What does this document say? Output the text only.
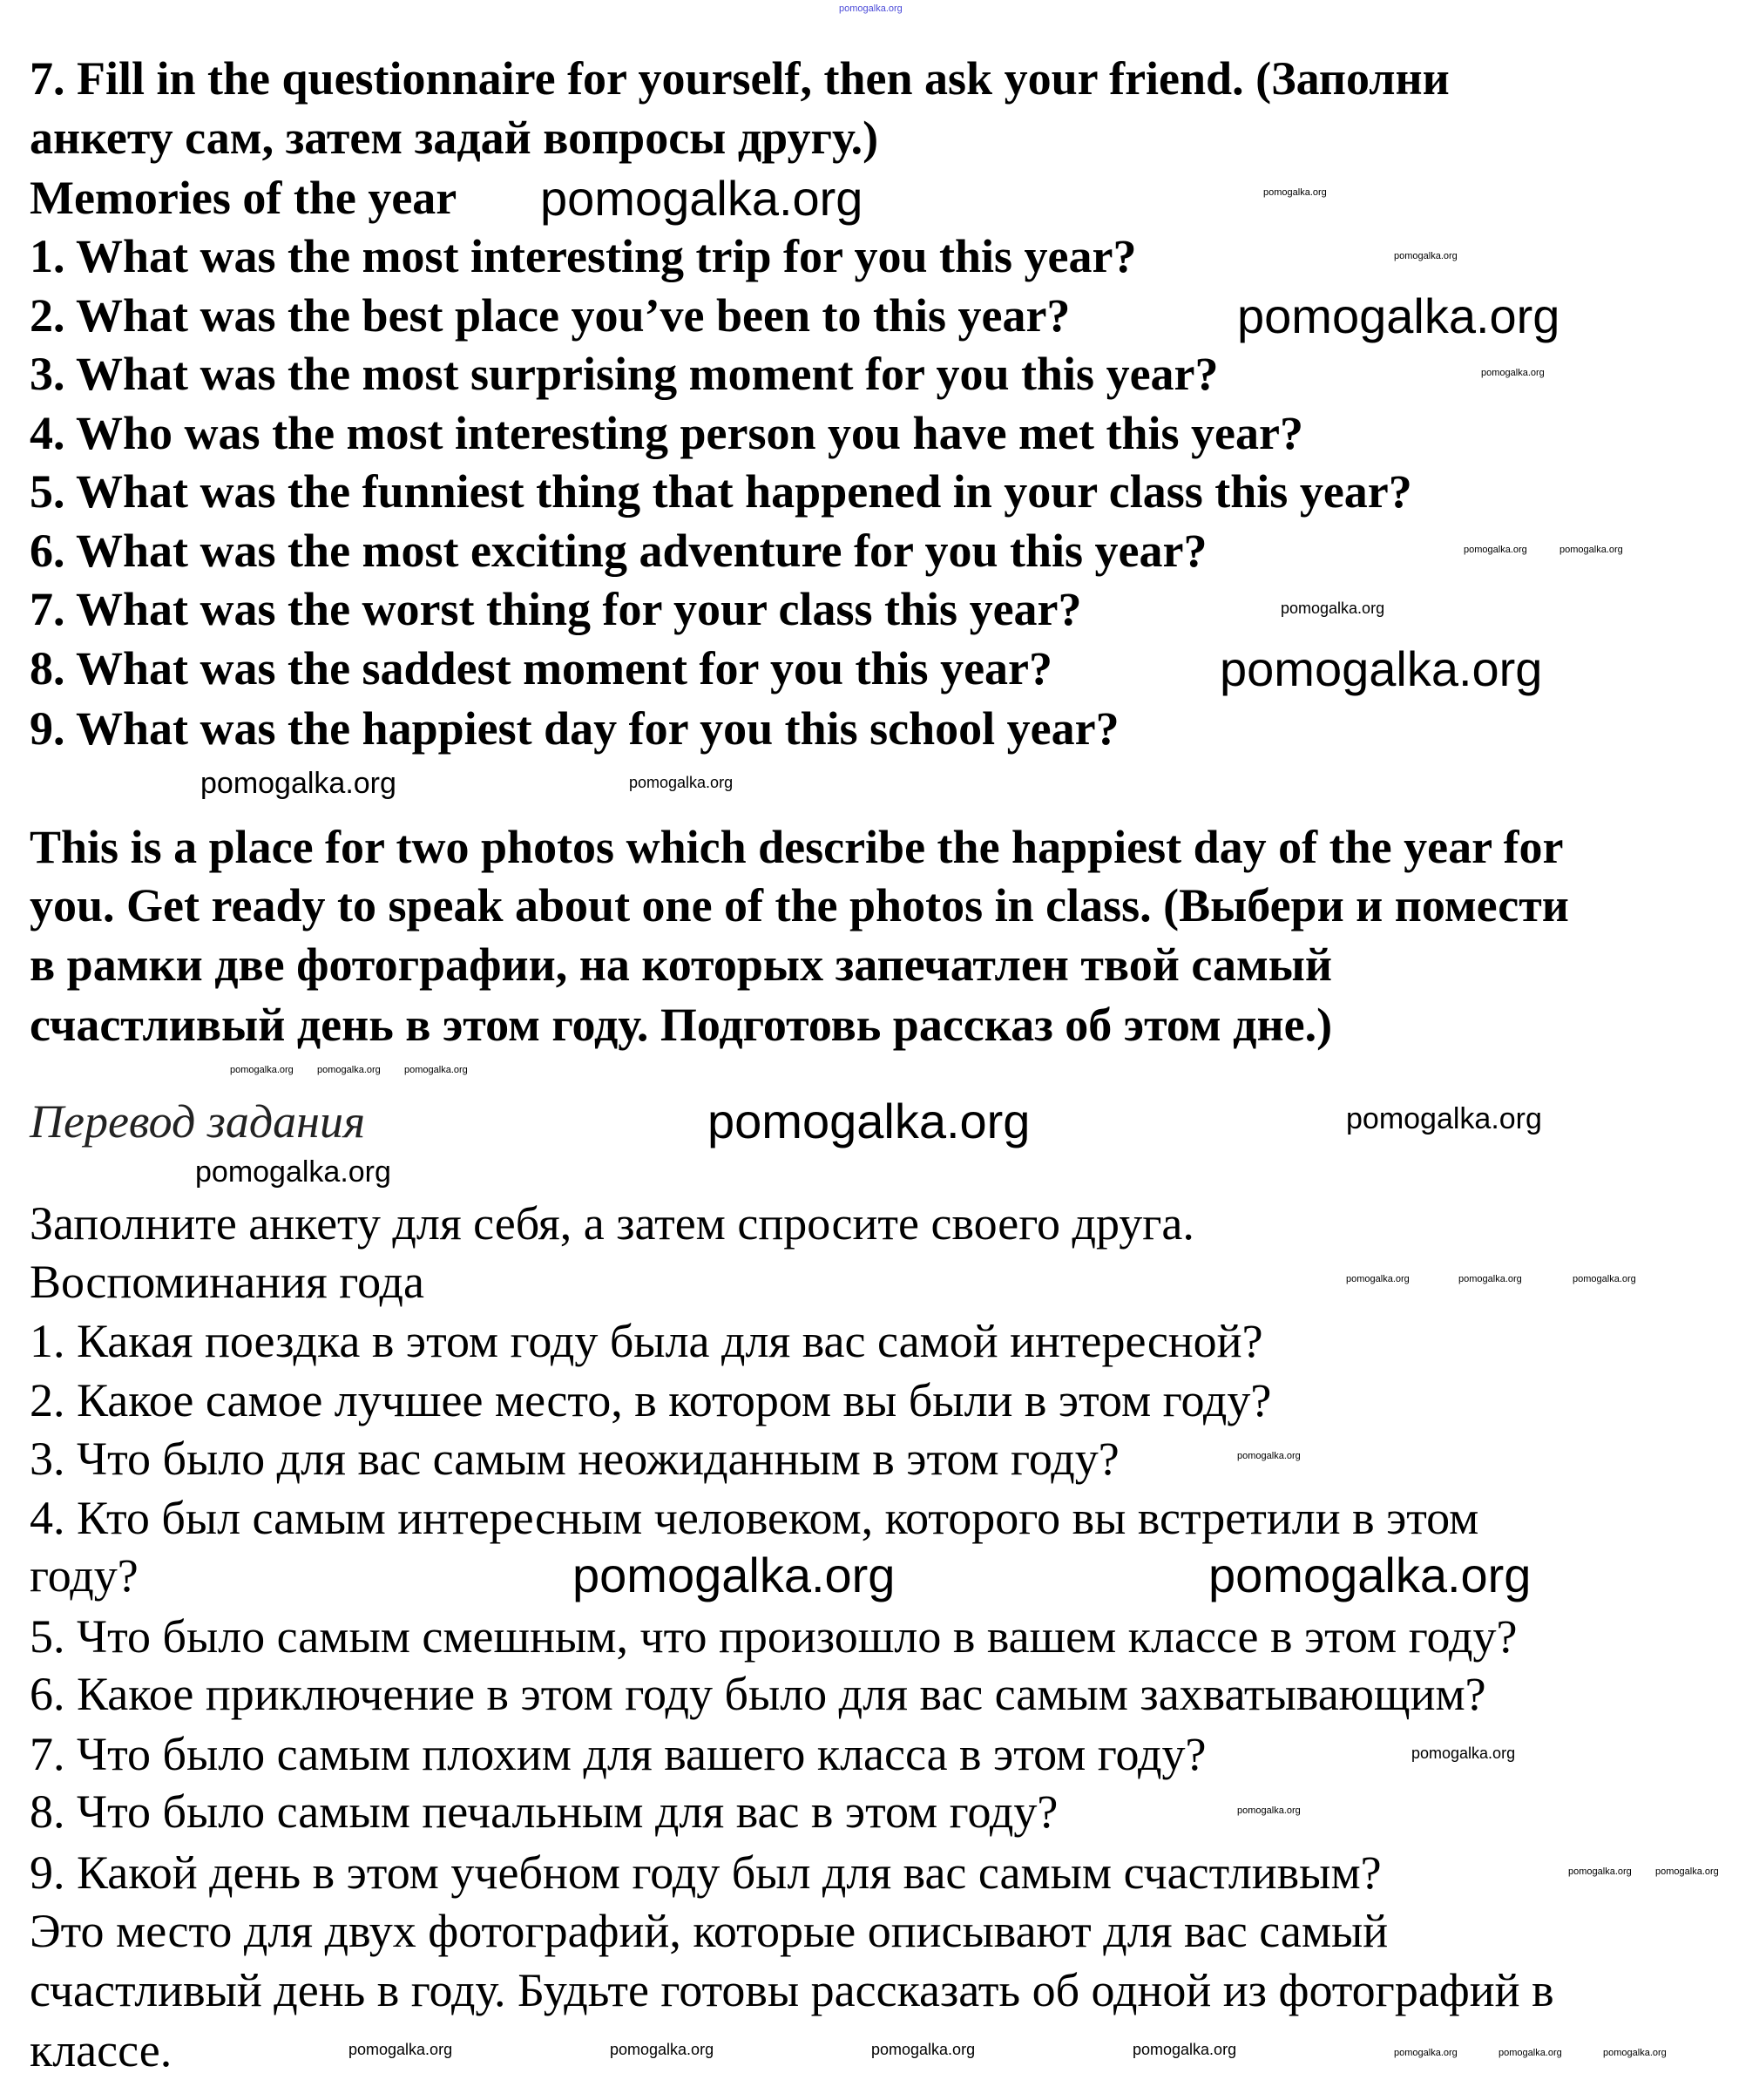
pomogalka.org
7. Fill in the questionnaire for yourself, then ask your friend. (Заполни
анкету сам, затем задай вопросы другу.)
Memories of the year
1. What was the most interesting trip for you this year?
2. What was the best place you’ve been to this year?
3. What was the most surprising moment for you this year?
4. Who was the most interesting person you have met this year?
5. What was the funniest thing that happened in your class this year?
6. What was the most exciting adventure for you this year?
7. What was the worst thing for your class this year?
8. What was the saddest moment for you this year?
9. What was the happiest day for you this school year?
This is a place for two photos which describe the happiest day of the year for
you. Get ready to speak about one of the photos in class. (Выбери и помести
в рамки две фотографии, на которых запечатлен твой самый
счастливый день в этом году. Подготовь рассказ об этом дне.)
Перевод задания
Заполните анкету для себя, а затем спросите своего друга.
Воспоминания года
1. Какая поездка в этом году была для вас самой интересной?
2. Какое самое лучшее место, в котором вы были в этом году?
3. Что было для вас самым неожиданным в этом году?
4. Кто был самым интересным человеком, которого вы встретили в этом
году?
5. Что было самым смешным, что произошло в вашем классе в этом году?
6. Какое приключение в этом году было для вас самым захватывающим?
7. Что было самым плохим для вашего класса в этом году?
8. Что было самым печальным для вас в этом году?
9. Какой день в этом учебном году был для вас самым счастливым?
Это место для двух фотографий, которые описывают для вас самый
счастливый день в году. Будьте готовы рассказать об одной из фотографий в
классе.
pomogalka.org
pomogalka.org
pomogalka.org
pomogalka.org
pomogalka.org	pomogalka.org
pomogalka.org	pomogalka.org
pomogalka.org
pomogalka.org
pomogalka.org
pomogalka.org
pomogalka.org	pomogalka.org	pomogalka.org	pomogalka.org
pomogalka.org
pomogalka.org
pomogalka.org
pomogalka.org	pomogalka.org
pomogalka.org
pomogalka.org pomogalka.org pomogalka.org
pomogalka.org	pomogalka.org	pomogalka.org
pomogalka.org
pomogalka.org pomogalka.org
pomogalka.org	pomogalka.org	pomogalka.org
